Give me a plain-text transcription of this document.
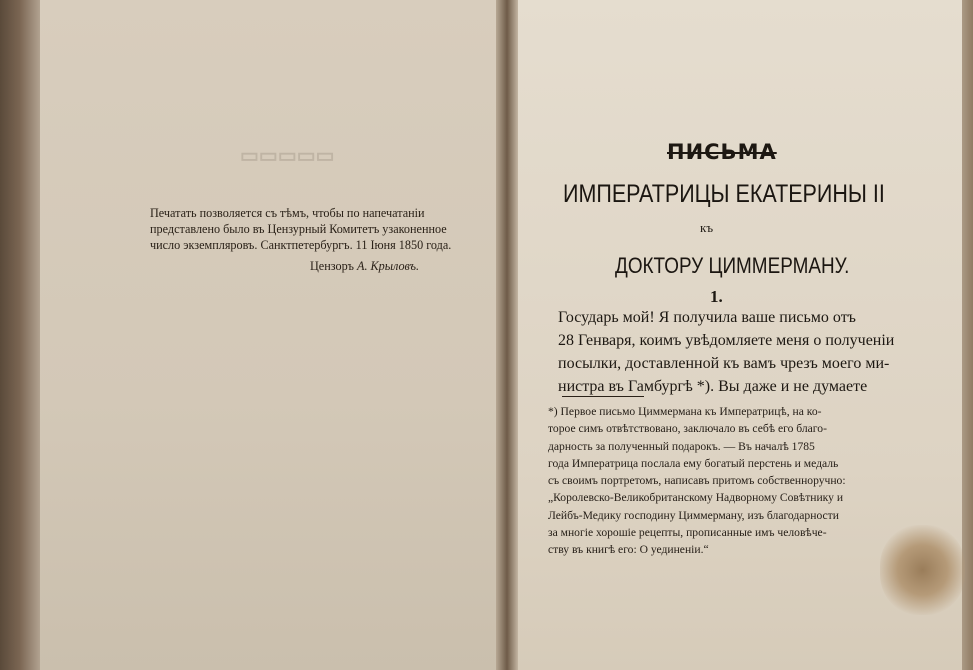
▭▭▭▭▭
Печатать позволяется съ тѣмъ, чтобы по напечатаніи
представлено было въ Цензурный Комитетъ узаконенное
число экземпляровъ. Санктпетербургъ. 11 Іюня 1850 года.
Цензоръ А. Крыловъ.
ПИСЬМА
ИМПЕРАТРИЦЫ ЕКАТЕРИНЫ II
къ
ДОКТОРУ ЦИММЕРМАНУ.
1.
Государь мой! Я получила ваше письмо отъ
28 Генваря, коимъ увѣдомляете меня о полученіи
посылки, доставленной къ вамъ чрезъ моего ми-
нистра въ Гамбургѣ *). Вы даже и не думаете
*) Первое письмо Циммермана къ Императрицѣ, на ко-
торое симъ отвѣтствовано, заключало въ себѣ его благо-
дарность за полученный подарокъ. — Въ началѣ 1785
года Императрица послала ему богатый перстень и медаль
съ своимъ портретомъ, написавъ притомъ собственноручно:
„Королевско-Великобританскому Надворному Совѣтнику и
Лейбъ-Медику господину Циммерману, изъ благодарности
за многіе хорошіе рецепты, прописанные имъ человѣче-
ству въ книгѣ его: О уединеніи.“
